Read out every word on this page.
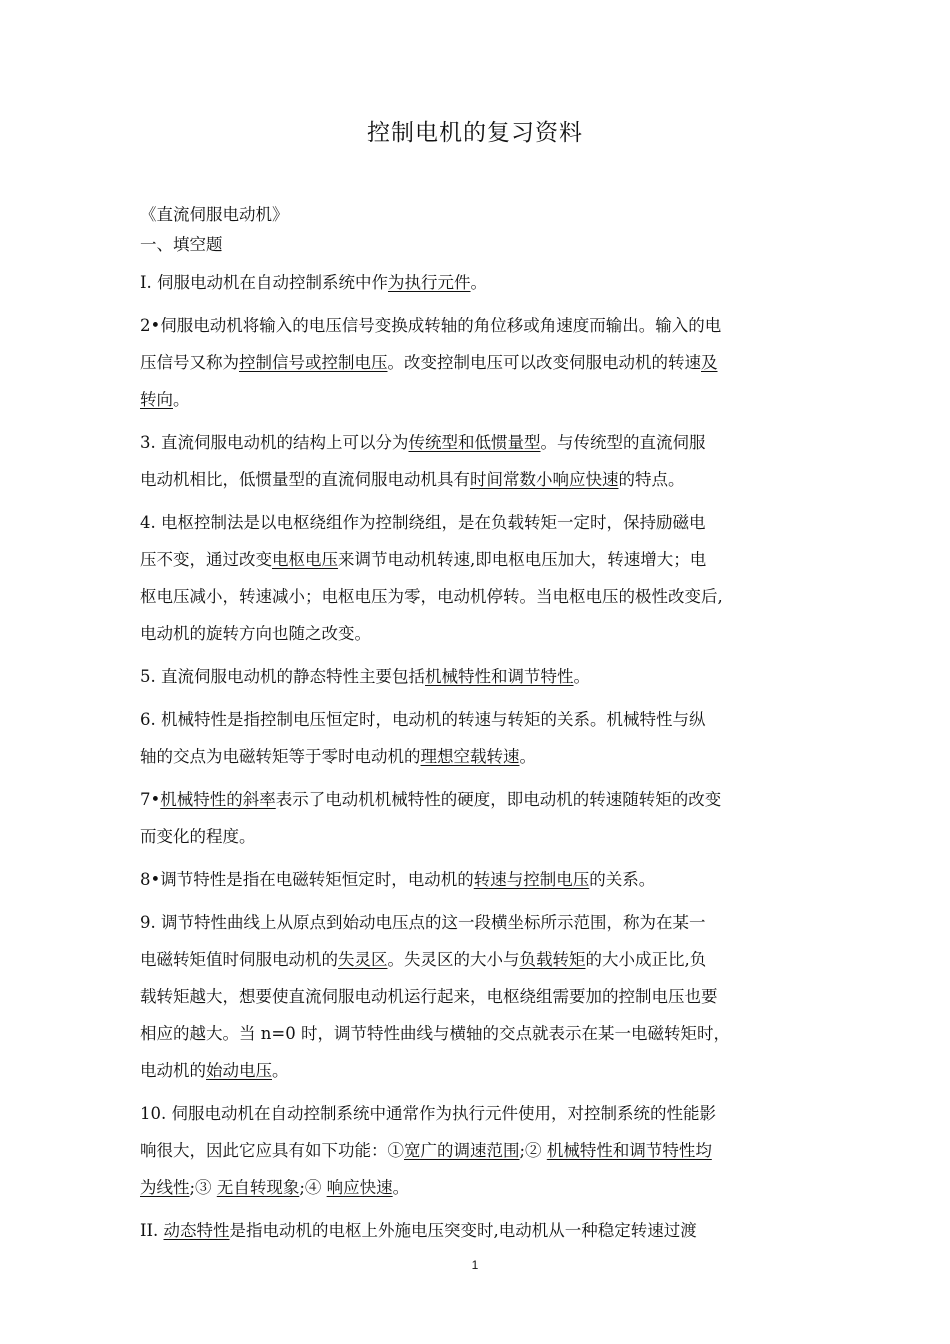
控制电机的复习资料

《直流伺服电动机》

一、填空题

I. 伺服电动机在自动控制系统中作为执行元件。

2•伺服电动机将输入的电压信号变换成转轴的角位移或角速度而输出。输入的电
压信号又称为控制信号或控制电压。改变控制电压可以改变伺服电动机的转速及
转向。

3. 直流伺服电动机的结构上可以分为传统型和低惯量型。与传统型的直流伺服
电动机相比，低惯量型的直流伺服电动机具有时间常数小响应快速的特点。

4. 电枢控制法是以电枢绕组作为控制绕组，是在负载转矩一定时，保持励磁电
压不变，通过改变电枢电压来调节电动机转速,即电枢电压加大，转速增大；电
枢电压减小，转速减小；电枢电压为零，电动机停转。当电枢电压的极性改变后,
电动机的旋转方向也随之改变。

5. 直流伺服电动机的静态特性主要包括机械特性和调节特性。

6. 机械特性是指控制电压恒定时，电动机的转速与转矩的关系。机械特性与纵
轴的交点为电磁转矩等于零时电动机的理想空载转速。

7•机械特性的斜率表示了电动机机械特性的硬度，即电动机的转速随转矩的改变
而变化的程度。

8•调节特性是指在电磁转矩恒定时，电动机的转速与控制电压的关系。

9. 调节特性曲线上从原点到始动电压点的这一段横坐标所示范围，称为在某一
电磁转矩值时伺服电动机的失灵区。失灵区的大小与负载转矩的大小成正比,负
载转矩越大，想要使直流伺服电动机运行起来，电枢绕组需要加的控制电压也要
相应的越大。当 n=0 时，调节特性曲线与横轴的交点就表示在某一电磁转矩时，
电动机的始动电压。

10. 伺服电动机在自动控制系统中通常作为执行元件使用，对控制系统的性能影
响很大，因此它应具有如下功能：①宽广的调速范围;② 机械特性和调节特性均
为线性;③ 无自转现象;④ 响应快速。

II. 动态特性是指电动机的电枢上外施电压突变时,电动机从一种稳定转速过渡

1
